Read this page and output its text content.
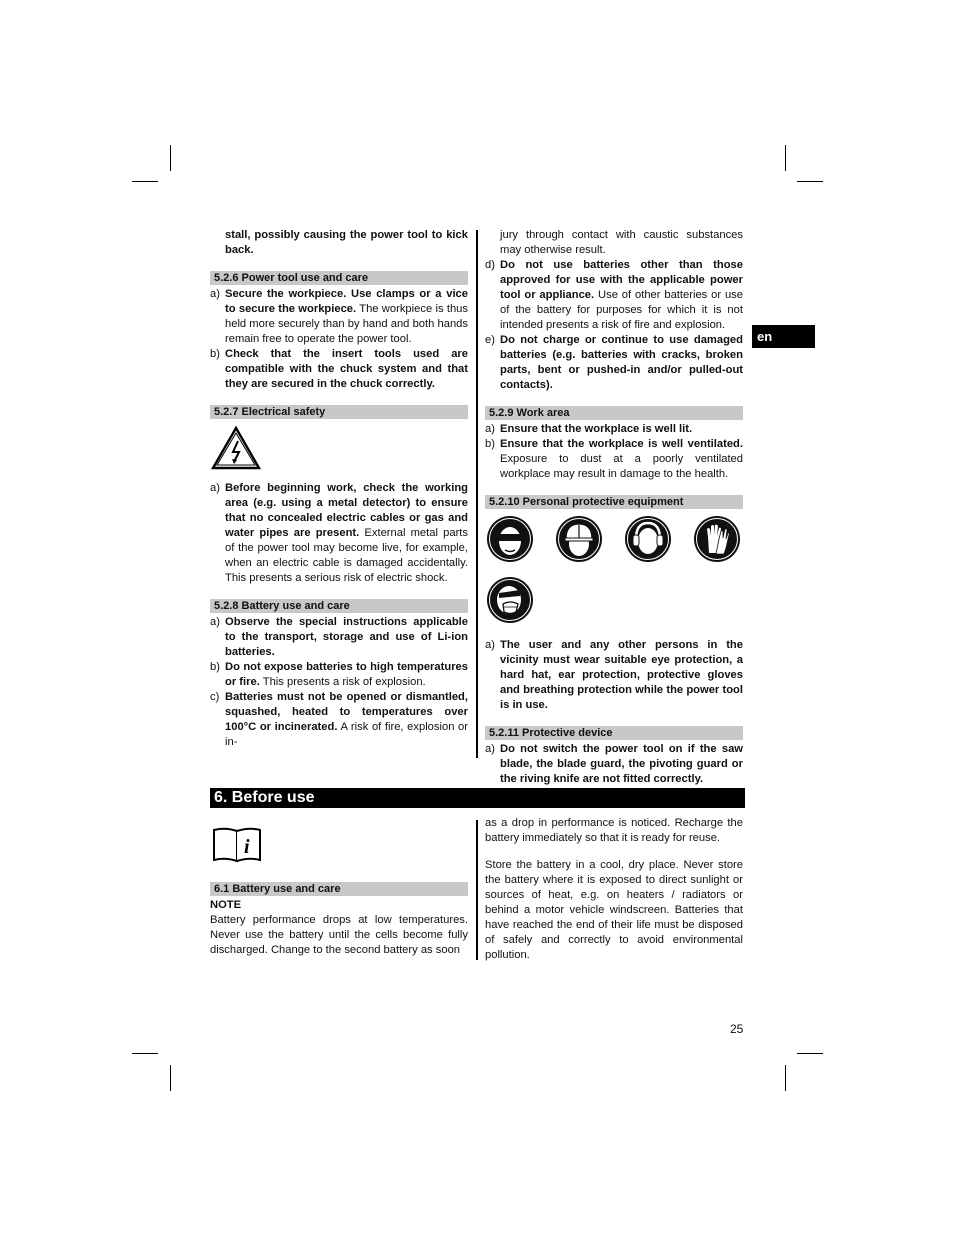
en
stall, possibly causing the power tool to kick back.
5.2.6 Power tool use and care
a) Secure the workpiece. Use clamps or a vice to secure the workpiece. The workpiece is thus held more securely than by hand and both hands remain free to operate the power tool.
b) Check that the insert tools used are compatible with the chuck system and that they are secured in the chuck correctly.
5.2.7 Electrical safety
a) Before beginning work, check the working area (e.g. using a metal detector) to ensure that no concealed electric cables or gas and water pipes are present. External metal parts of the power tool may become live, for example, when an electric cable is damaged accidentally. This presents a serious risk of electric shock.
5.2.8 Battery use and care
a) Observe the special instructions applicable to the transport, storage and use of Li-ion batteries.
b) Do not expose batteries to high temperatures or fire. This presents a risk of explosion.
c) Batteries must not be opened or dismantled, squashed, heated to temperatures over 100°C or incinerated. A risk of fire, explosion or in-
jury through contact with caustic substances may otherwise result.
d) Do not use batteries other than those approved for use with the applicable power tool or appliance. Use of other batteries or use of the battery for purposes for which it is not intended presents a risk of fire and explosion.
e) Do not charge or continue to use damaged batteries (e.g. batteries with cracks, broken parts, bent or pushed-in and/or pulled-out contacts).
5.2.9 Work area
a) Ensure that the workplace is well lit.
b) Ensure that the workplace is well ventilated. Exposure to dust at a poorly ventilated workplace may result in damage to the health.
5.2.10 Personal protective equipment
a) The user and any other persons in the vicinity must wear suitable eye protection, a hard hat, ear protection, protective gloves and breathing protection while the power tool is in use.
5.2.11 Protective device
a) Do not switch the power tool on if the saw blade, the blade guard, the pivoting guard or the riving knife are not fitted correctly.
6. Before use
i
6.1 Battery use and care
NOTE
Battery performance drops at low temperatures. Never use the battery until the cells become fully discharged. Change to the second battery as soon
as a drop in performance is noticed. Recharge the battery immediately so that it is ready for reuse.
Store the battery in a cool, dry place. Never store the battery where it is exposed to direct sunlight or sources of heat, e.g. on heaters / radiators or behind a motor vehicle windscreen. Batteries that have reached the end of their life must be disposed of safely and correctly to avoid environmental pollution.
25
